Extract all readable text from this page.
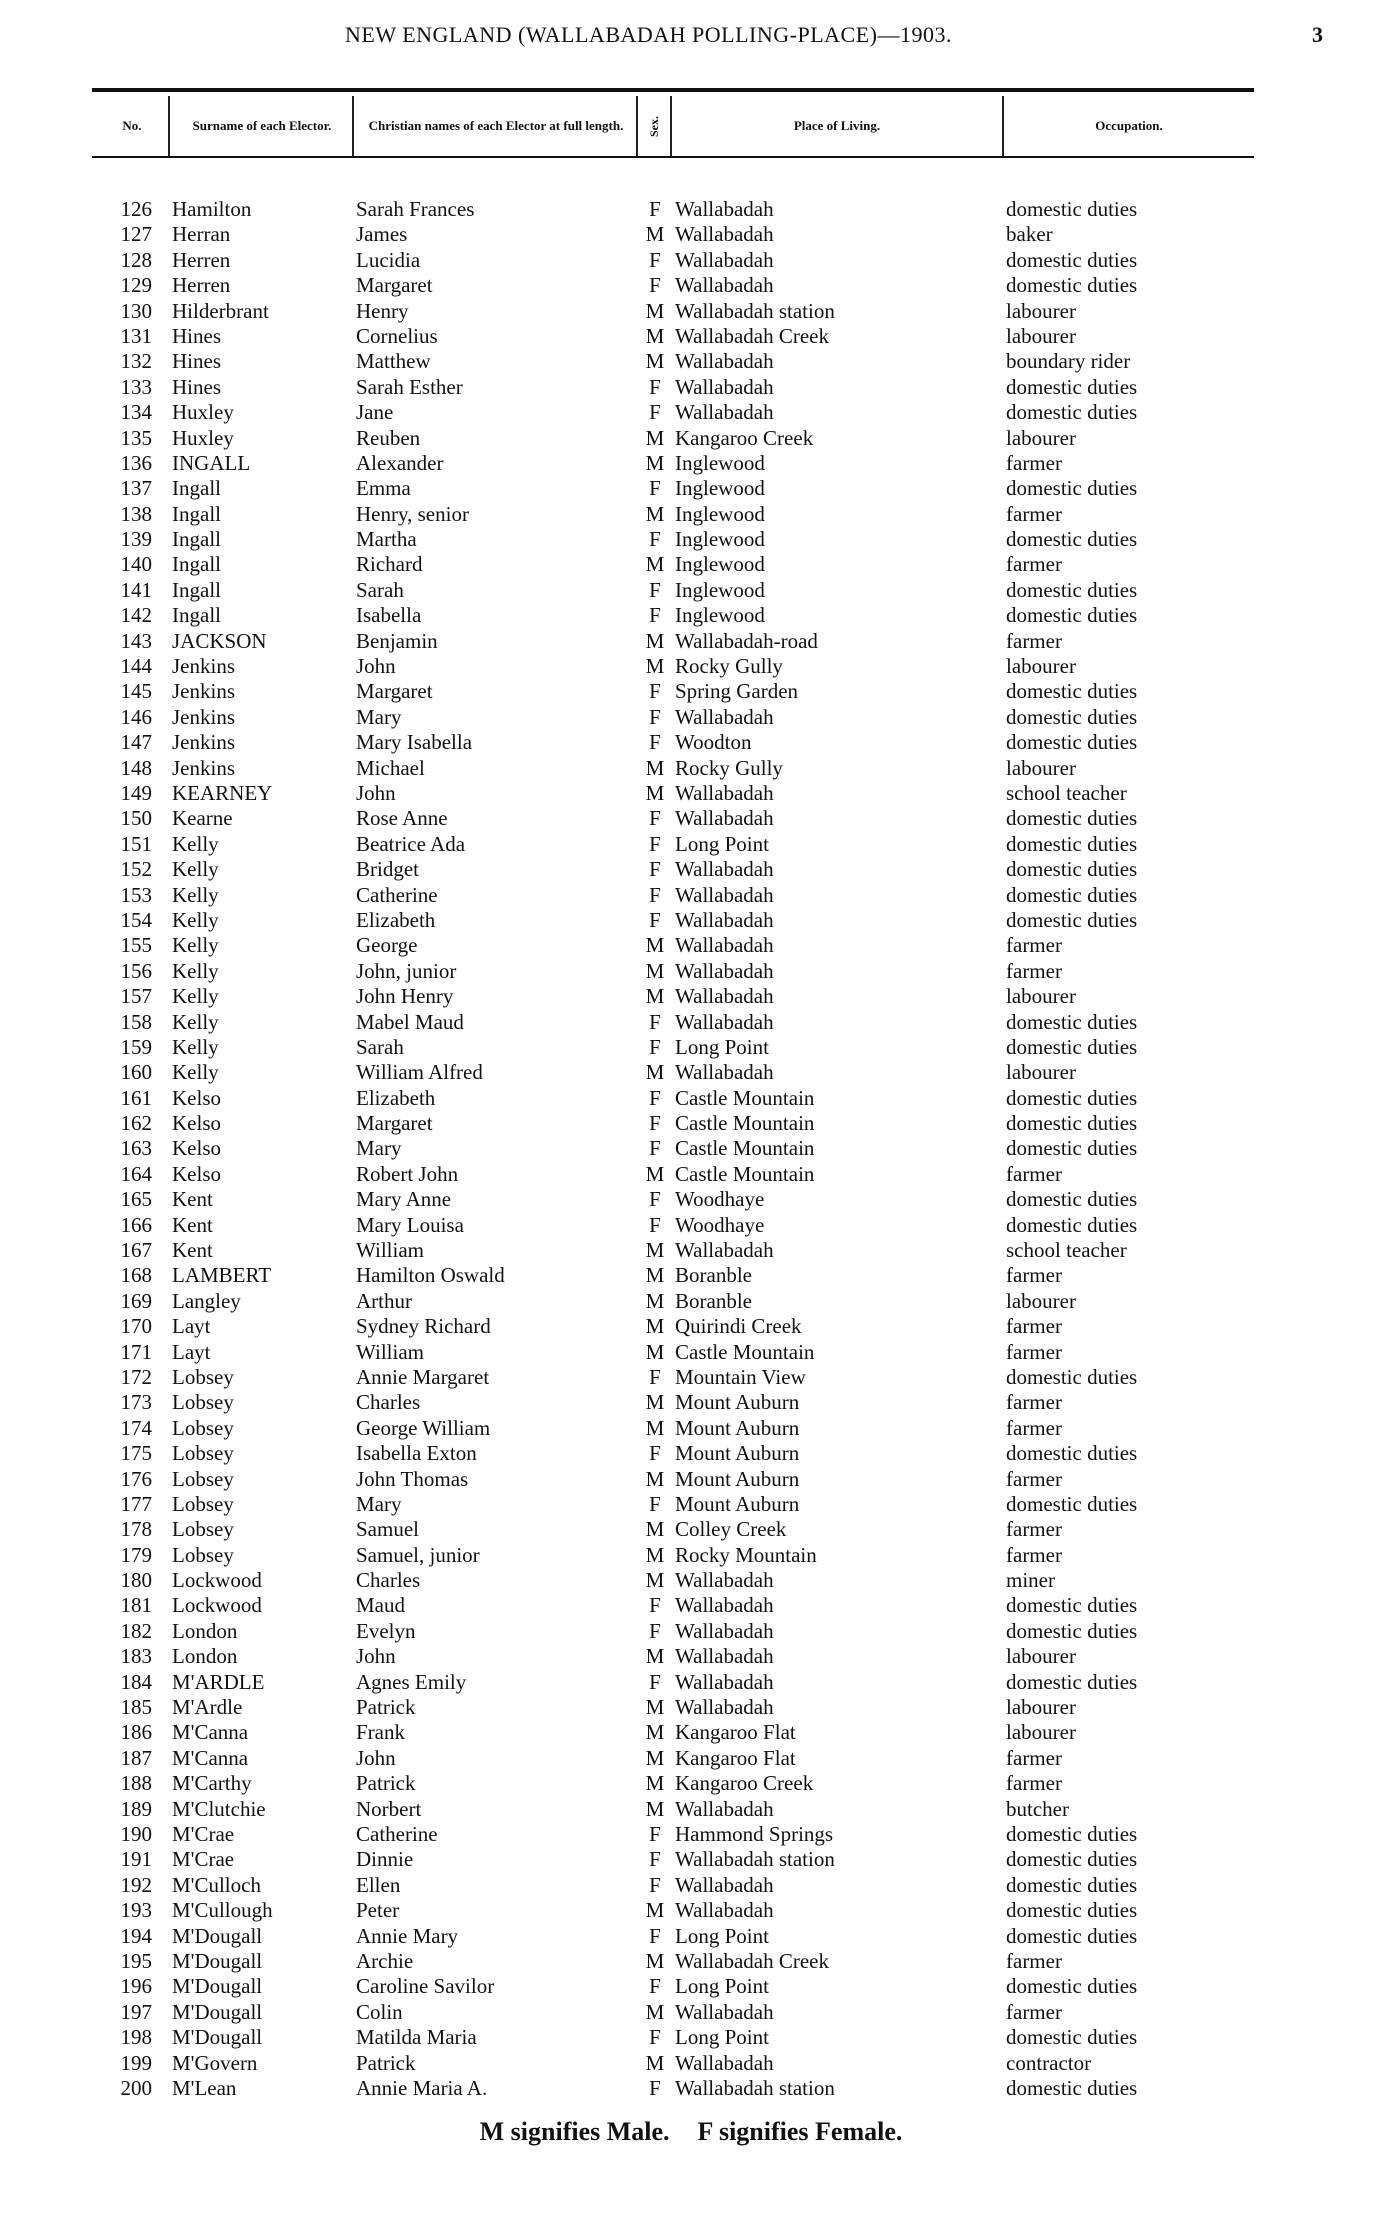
NEW ENGLAND (WALLABADAH POLLING-PLACE)—1903.	3
No.	Surname of each Elector.	Christian names of each Elector at full length.	Sex.	Place of Living.	Occupation.
126 Hamilton	Sarah Frances	F Wallabadah	domestic duties
127 Herran	James	M Wallabadah	baker
128 Herren	Lucidia	F Wallabadah	domestic duties
129 Herren	Margaret	F Wallabadah	domestic duties
130 Hilderbrant	Henry	M Wallabadah station	labourer
131 Hines	Cornelius	M Wallabadah Creek	labourer
132 Hines	Matthew	M Wallabadah	boundary rider
133 Hines	Sarah Esther	F Wallabadah	domestic duties
134 Huxley	Jane	F Wallabadah	domestic duties
135 Huxley	Reuben	M Kangaroo Creek	labourer
136 INGALL	Alexander	M Inglewood	farmer
137 Ingall	Emma	F Inglewood	domestic duties
138 Ingall	Henry, senior	M Inglewood	farmer
139 Ingall	Martha	F Inglewood	domestic duties
140 Ingall	Richard	M Inglewood	farmer
141 Ingall	Sarah	F Inglewood	domestic duties
142 Ingall	Isabella	F Inglewood	domestic duties
143 JACKSON	Benjamin	M Wallabadah-road	farmer
144 Jenkins	John	M Rocky Gully	labourer
145 Jenkins	Margaret	F Spring Garden	domestic duties
146 Jenkins	Mary	F Wallabadah	domestic duties
147 Jenkins	Mary Isabella	F Woodton	domestic duties
148 Jenkins	Michael	M Rocky Gully	labourer
149 KEARNEY	John	M Wallabadah	school teacher
150 Kearne	Rose Anne	F Wallabadah	domestic duties
151 Kelly	Beatrice Ada	F Long Point	domestic duties
152 Kelly	Bridget	F Wallabadah	domestic duties
153 Kelly	Catherine	F Wallabadah	domestic duties
154 Kelly	Elizabeth	F Wallabadah	domestic duties
155 Kelly	George	M Wallabadah	farmer
156 Kelly	John, junior	M Wallabadah	farmer
157 Kelly	John Henry	M Wallabadah	labourer
158 Kelly	Mabel Maud	F Wallabadah	domestic duties
159 Kelly	Sarah	F Long Point	domestic duties
160 Kelly	William Alfred	M Wallabadah	labourer
161 Kelso	Elizabeth	F Castle Mountain	domestic duties
162 Kelso	Margaret	F Castle Mountain	domestic duties
163 Kelso	Mary	F Castle Mountain	domestic duties
164 Kelso	Robert John	M Castle Mountain	farmer
165 Kent	Mary Anne	F Woodhaye	domestic duties
166 Kent	Mary Louisa	F Woodhaye	domestic duties
167 Kent	William	M Wallabadah	school teacher
168 LAMBERT	Hamilton Oswald	M Boranble	farmer
169 Langley	Arthur	M Boranble	labourer
170 Layt	Sydney Richard	M Quirindi Creek	farmer
171 Layt	William	M Castle Mountain	farmer
172 Lobsey	Annie Margaret	F Mountain View	domestic duties
173 Lobsey	Charles	M Mount Auburn	farmer
174 Lobsey	George William	M Mount Auburn	farmer
175 Lobsey	Isabella Exton	F Mount Auburn	domestic duties
176 Lobsey	John Thomas	M Mount Auburn	farmer
177 Lobsey	Mary	F Mount Auburn	domestic duties
178 Lobsey	Samuel	M Colley Creek	farmer
179 Lobsey	Samuel, junior	M Rocky Mountain	farmer
180 Lockwood	Charles	M Wallabadah	miner
181 Lockwood	Maud	F Wallabadah	domestic duties
182 London	Evelyn	F Wallabadah	domestic duties
183 London	John	M Wallabadah	labourer
184 M'ARDLE	Agnes Emily	F Wallabadah	domestic duties
185 M'Ardle	Patrick	M Wallabadah	labourer
186 M'Canna	Frank	M Kangaroo Flat	labourer
187 M'Canna	John	M Kangaroo Flat	farmer
188 M'Carthy	Patrick	M Kangaroo Creek	farmer
189 M'Clutchie	Norbert	M Wallabadah	butcher
190 M'Crae	Catherine	F Hammond Springs	domestic duties
191 M'Crae	Dinnie	F Wallabadah station	domestic duties
192 M'Culloch	Ellen	F Wallabadah	domestic duties
193 M'Cullough	Peter	M Wallabadah	domestic duties
194 M'Dougall	Annie Mary	F Long Point	domestic duties
195 M'Dougall	Archie	M Wallabadah Creek	farmer
196 M'Dougall	Caroline Savilor	F Long Point	domestic duties
197 M'Dougall	Colin	M Wallabadah	farmer
198 M'Dougall	Matilda Maria	F Long Point	domestic duties
199 M'Govern	Patrick	M Wallabadah	contractor
200 M'Lean	Annie Maria A.	F Wallabadah station	domestic duties
M signifies Male. F signifies Female.
